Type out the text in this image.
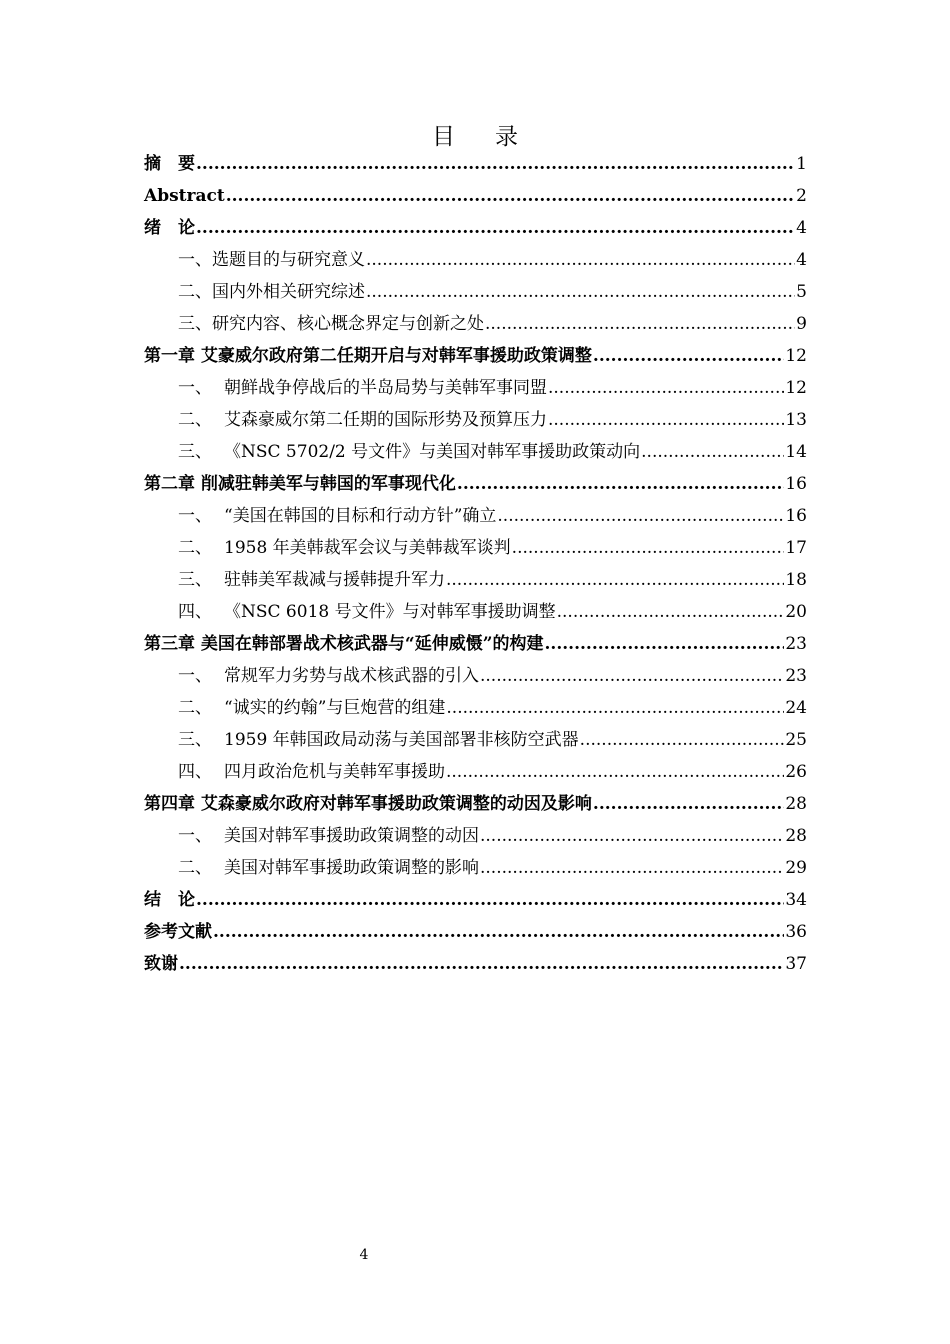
目 录
摘　要 .....	1
Abstract .....	2
绪　论 .....	4
一、选题目的与研究意义 .....	4
二、国内外相关研究综述 .....	5
三、研究内容、核心概念界定与创新之处 .....	9
第一章 艾豪威尔政府第二任期开启与对韩军事援助政策调整 .....	12
一、 朝鲜战争停战后的半岛局势与美韩军事同盟 .....	12
二、 艾森豪威尔第二任期的国际形势及预算压力 .....	13
三、 《NSC 5702/2 号文件》与美国对韩军事援助政策动向 .....	14
第二章 削减驻韩美军与韩国的军事现代化 .....	16
一、 “美国在韩国的目标和行动方针”确立 .....	16
二、 1958 年美韩裁军会议与美韩裁军谈判 .....	17
三、 驻韩美军裁减与援韩提升军力 .....	18
四、 《NSC 6018 号文件》与对韩军事援助调整 .....	20
第三章 美国在韩部署战术核武器与“延伸威慑”的构建 .....	23
一、 常规军力劣势与战术核武器的引入 .....	23
二、 “诚实的约翰”与巨炮营的组建 .....	24
三、 1959 年韩国政局动荡与美国部署非核防空武器 .....	25
四、 四月政治危机与美韩军事援助 .....	26
第四章 艾森豪威尔政府对韩军事援助政策调整的动因及影响 .....	28
一、 美国对韩军事援助政策调整的动因 .....	28
二、 美国对韩军事援助政策调整的影响 .....	29
结　论 .....	34
参考文献 .....	36
致谢 .....	37
4
